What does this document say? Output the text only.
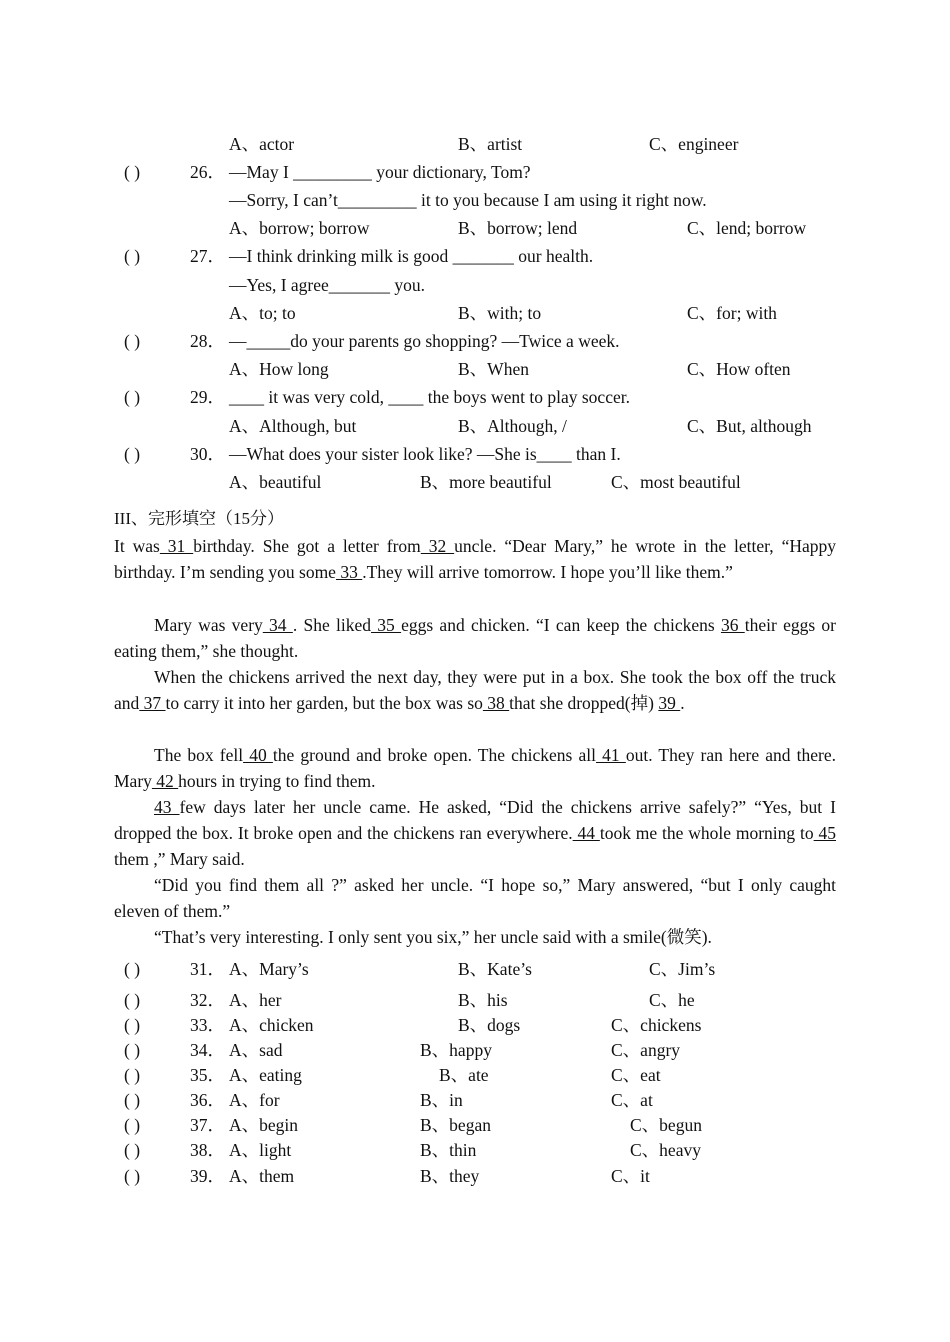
A、actor	B、artist	C、engineer
( )	26． —May I _________ your dictionary, Tom?
—Sorry, I can’t_________ it to you because I am using it right now.
A、borrow; borrow	B、borrow; lend	C、lend; borrow
( )	27． —I think drinking milk is good _______ our health.
—Yes, I agree_______ you.
A、to; to	B、with; to	C、for; with
( )	28． —_____do your parents go shopping? —Twice a week.
A、How long	B、When	C、How often
( )	29． ____ it was very cold, ____ the boys went to play soccer.
A、Although, but	B、Although, /	C、But, although
( )	30． —What does your sister look like? —She is____ than I.
A、beautiful	B、more beautiful	C、most beautiful
III、完形填空（15分）
It was 31 birthday. She got a letter from 32 uncle. “Dear Mary,” he wrote in the letter, “Happy birthday. I’m sending you some 33 .They will arrive tomorrow. I hope you’ll like them.”
Mary was very 34 . She liked 35 eggs and chicken. “I can keep the chickens 36 their eggs or eating them,” she thought.
When the chickens arrived the next day, they were put in a box. She took the box off the truck and 37 to carry it into her garden, but the box was so 38 that she dropped(掉) 39 .
The box fell 40 the ground and broke open. The chickens all 41 out. They ran here and there. Mary 42 hours in trying to find them.
43 few days later her uncle came. He asked, “Did the chickens arrive safely?” “Yes, but I dropped the box. It broke open and the chickens ran everywhere. 44 took me the whole morning to 45 them ,” Mary said.
“Did you find them all ?” asked her uncle. “I hope so,” Mary answered, “but I only caught eleven of them.”
“That’s very interesting. I only sent you six,” her uncle said with a smile(微笑).
( )	31． A、Mary’s	B、Kate’s	C、Jim’s
( )	32． A、her	B、his	C、he
( )	33． A、chicken	B、dogs	C、chickens
( )	34． A、sad	B、happy	C、angry
( )	35． A、eating	B、ate	C、eat
( )	36． A、for	B、in	C、at
( )	37． A、begin	B、began	C、begun
( )	38． A、light	B、thin	C、heavy
( )	39． A、them	B、they	C、it
